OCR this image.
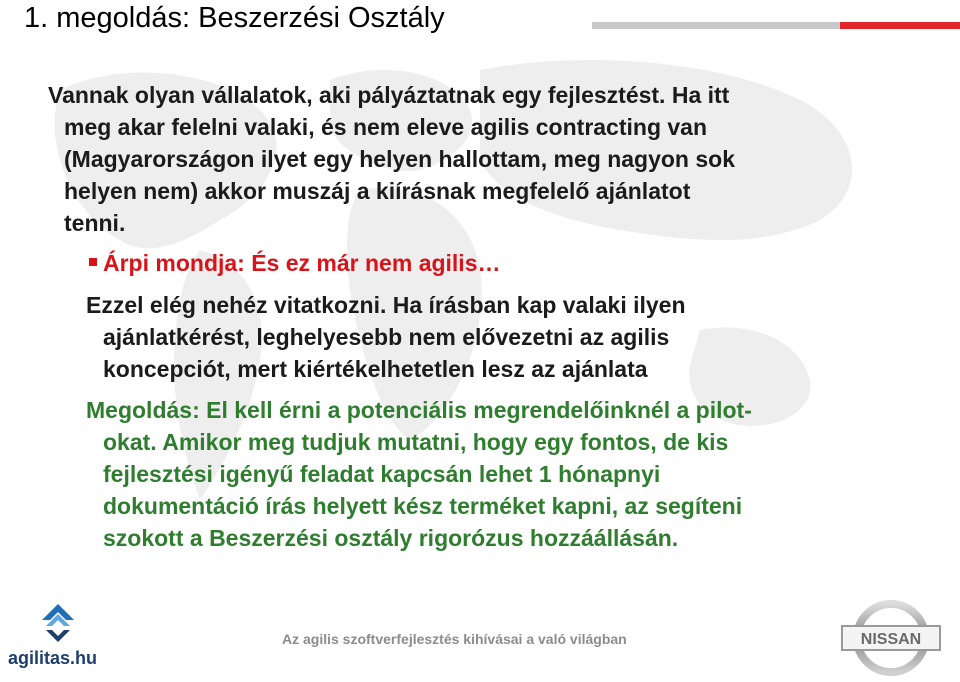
1. megoldás: Beszerzési Osztály
Vannak olyan vállalatok, aki pályáztatnak egy fejlesztést. Ha itt
meg akar felelni valaki, és nem eleve agilis contracting van
(Magyarországon ilyet egy helyen hallottam, meg nagyon sok
helyen nem) akkor muszáj a kiírásnak megfelelő ajánlatot
tenni.
Árpi mondja: És ez már nem agilis…
Ezzel elég nehéz vitatkozni. Ha írásban kap valaki ilyen
ajánlatkérést, leghelyesebb nem elővezetni az agilis
koncepciót, mert kiértékelhetetlen lesz az ajánlata
Megoldás: El kell érni a potenciális megrendelőinknél a pilot-
okat. Amikor meg tudjuk mutatni, hogy egy fontos, de kis
fejlesztési igényű feladat kapcsán lehet 1 hónapnyi
dokumentáció írás helyett kész terméket kapni, az segíteni
szokott a Beszerzési osztály rigorózus hozzáállásán.
agilitas.hu
Az agilis szoftverfejlesztés kihívásai a való világban	NISSAN
